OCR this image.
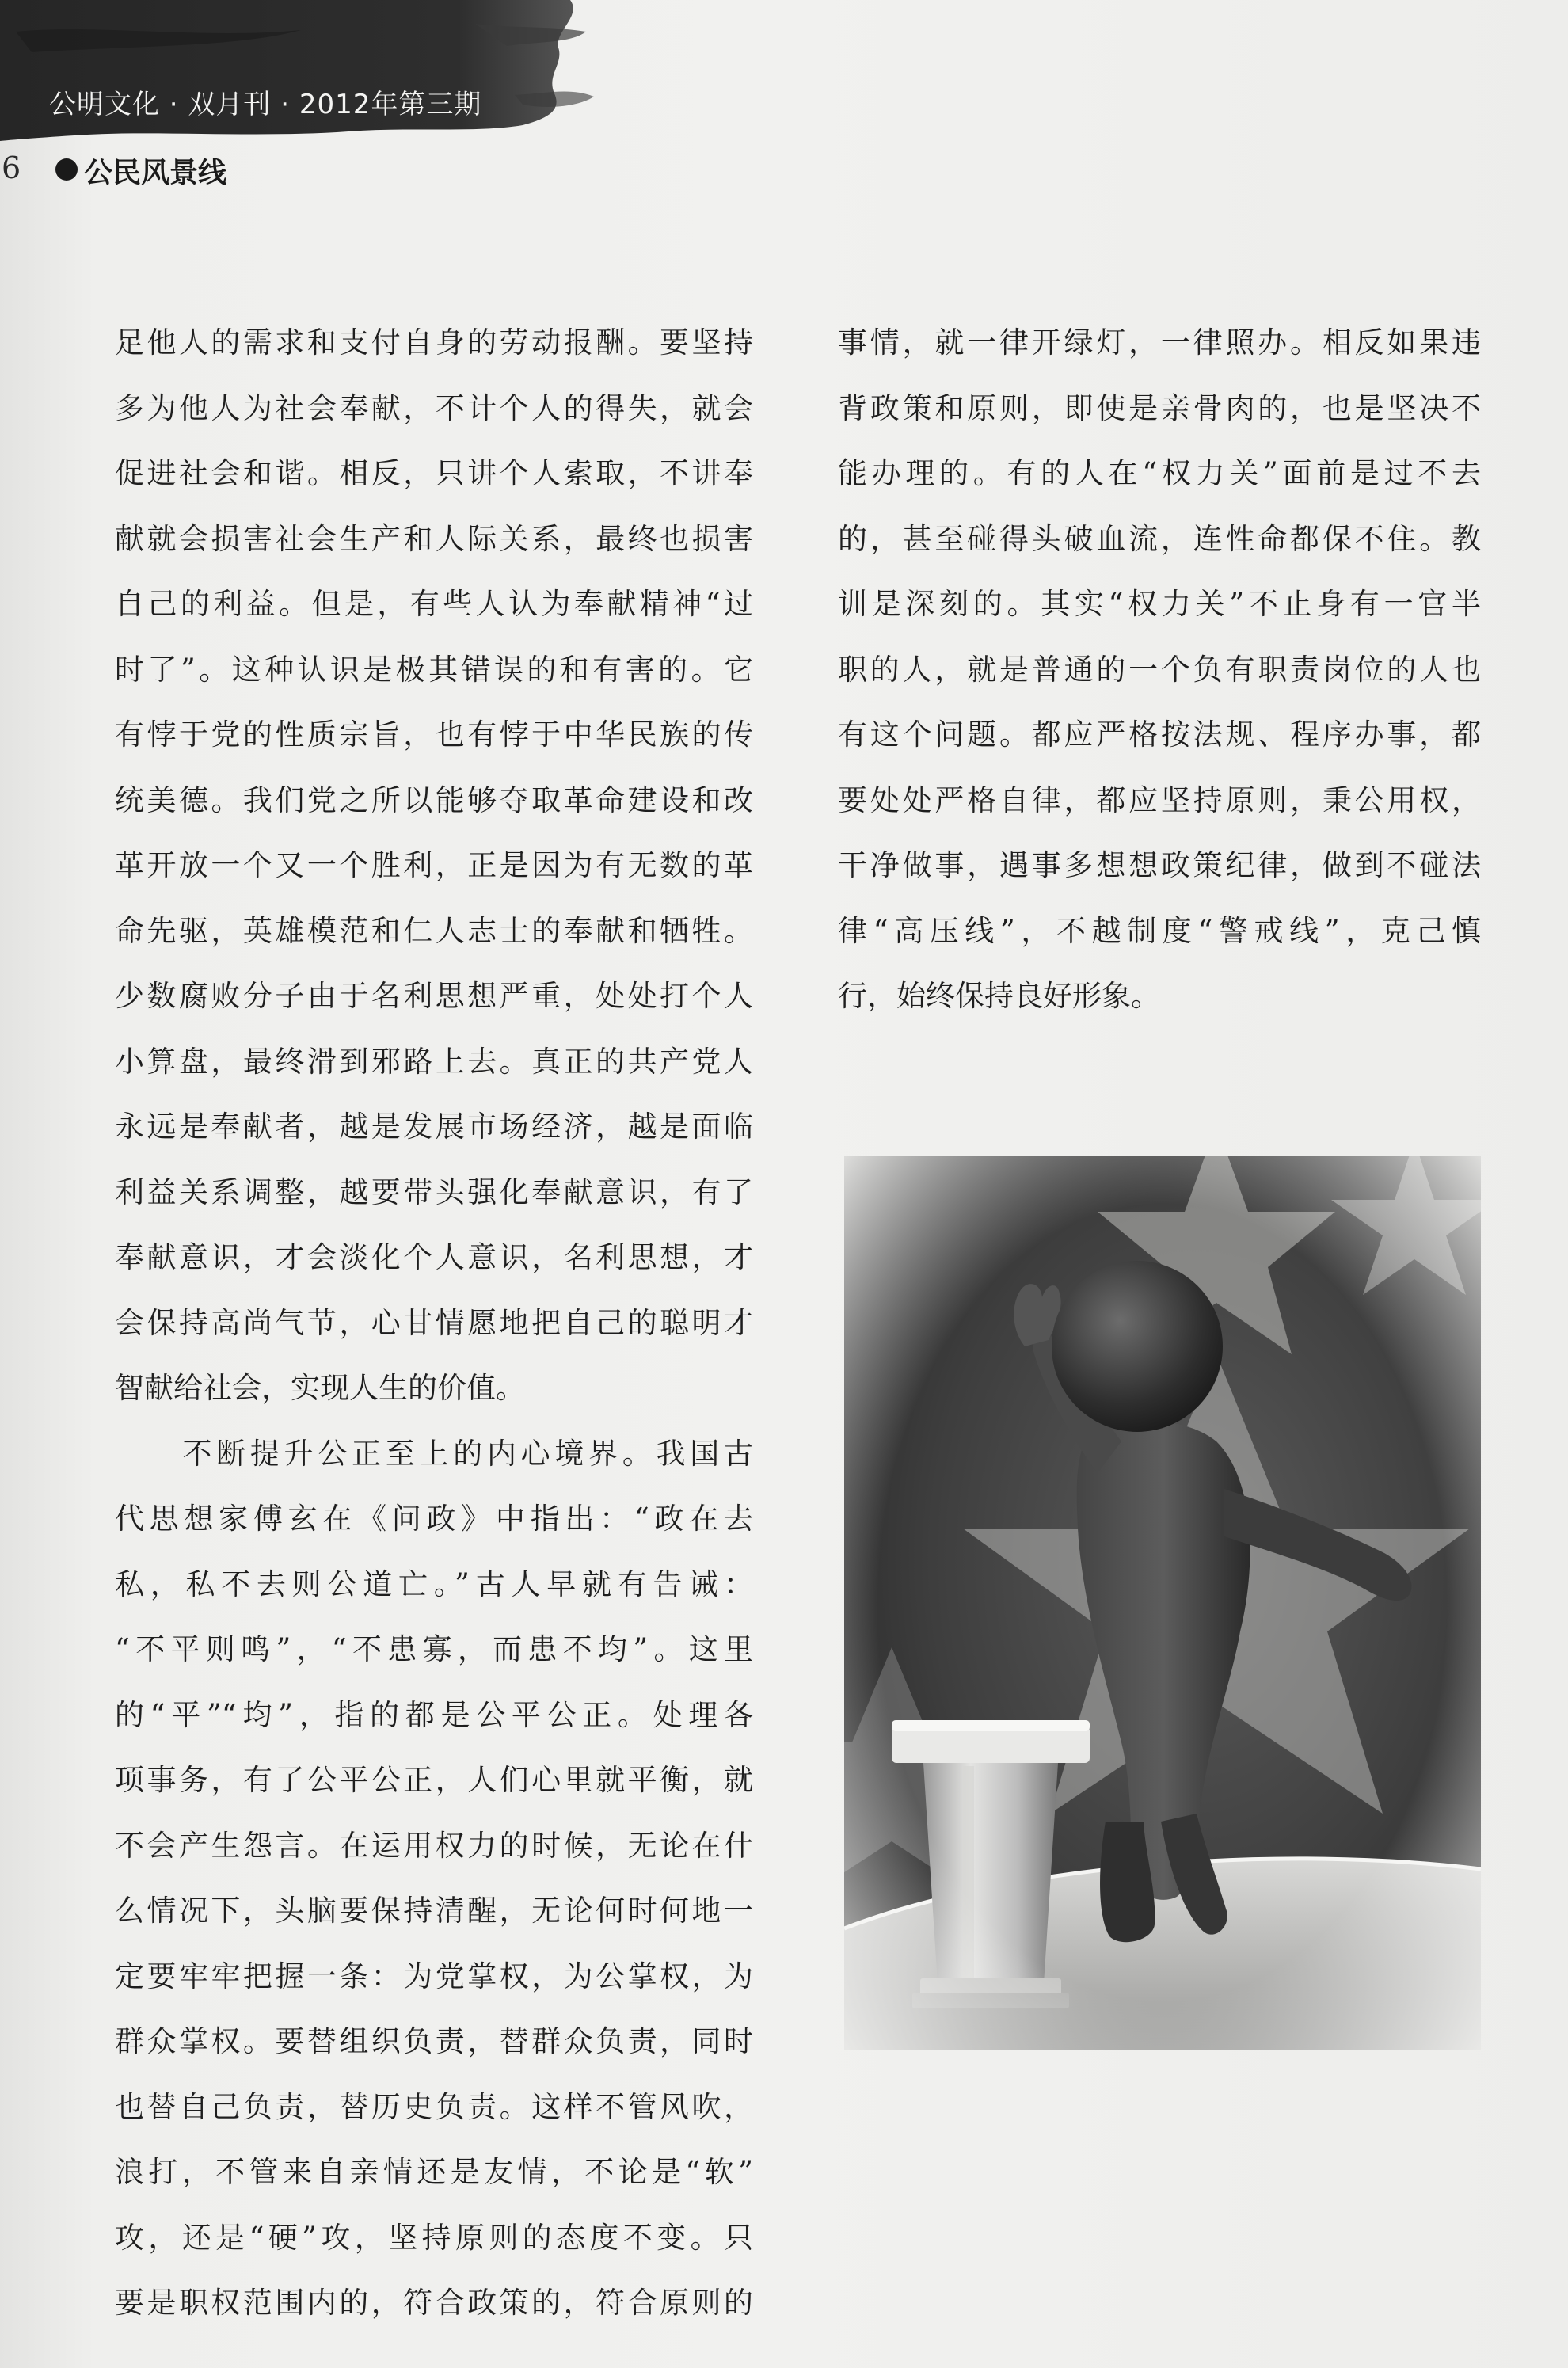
公明文化 · 双月刊 · 2012年第三期
6 公民风景线
足他人的需求和支付自身的劳动报酬。要坚持
多为他人为社会奉献，不计个人的得失，就会
促进社会和谐。相反，只讲个人索取，不讲奉
献就会损害社会生产和人际关系，最终也损害
自己的利益。但是，有些人认为奉献精神“过
时了”。这种认识是极其错误的和有害的。它
有悖于党的性质宗旨，也有悖于中华民族的传
统美德。我们党之所以能够夺取革命建设和改
革开放一个又一个胜利，正是因为有无数的革
命先驱，英雄模范和仁人志士的奉献和牺牲。
少数腐败分子由于名利思想严重，处处打个人
小算盘，最终滑到邪路上去。真正的共产党人
永远是奉献者，越是发展市场经济，越是面临
利益关系调整，越要带头强化奉献意识，有了
奉献意识，才会淡化个人意识，名利思想，才
会保持高尚气节，心甘情愿地把自己的聪明才
智献给社会，实现人生的价值。
　　不断提升公正至上的内心境界。我国古
代思想家傅玄在《问政》中指出：“政在去
私，私不去则公道亡。”古人早就有告诫：
“不平则鸣”，“不患寡，而患不均”。这里
的“平”“均”，指的都是公平公正。处理各
项事务，有了公平公正，人们心里就平衡，就
不会产生怨言。在运用权力的时候，无论在什
么情况下，头脑要保持清醒，无论何时何地一
定要牢牢把握一条：为党掌权，为公掌权，为
群众掌权。要替组织负责，替群众负责，同时
也替自己负责，替历史负责。这样不管风吹，
浪打，不管来自亲情还是友情，不论是“软”
攻，还是“硬”攻，坚持原则的态度不变。只
要是职权范围内的，符合政策的，符合原则的
事情，就一律开绿灯，一律照办。相反如果违
背政策和原则，即使是亲骨肉的，也是坚决不
能办理的。有的人在“权力关”面前是过不去
的，甚至碰得头破血流，连性命都保不住。教
训是深刻的。其实“权力关”不止身有一官半
职的人，就是普通的一个负有职责岗位的人也
有这个问题。都应严格按法规、程序办事，都
要处处严格自律，都应坚持原则，秉公用权，
干净做事，遇事多想想政策纪律，做到不碰法
律“高压线”，不越制度“警戒线”，克己慎
行，始终保持良好形象。
